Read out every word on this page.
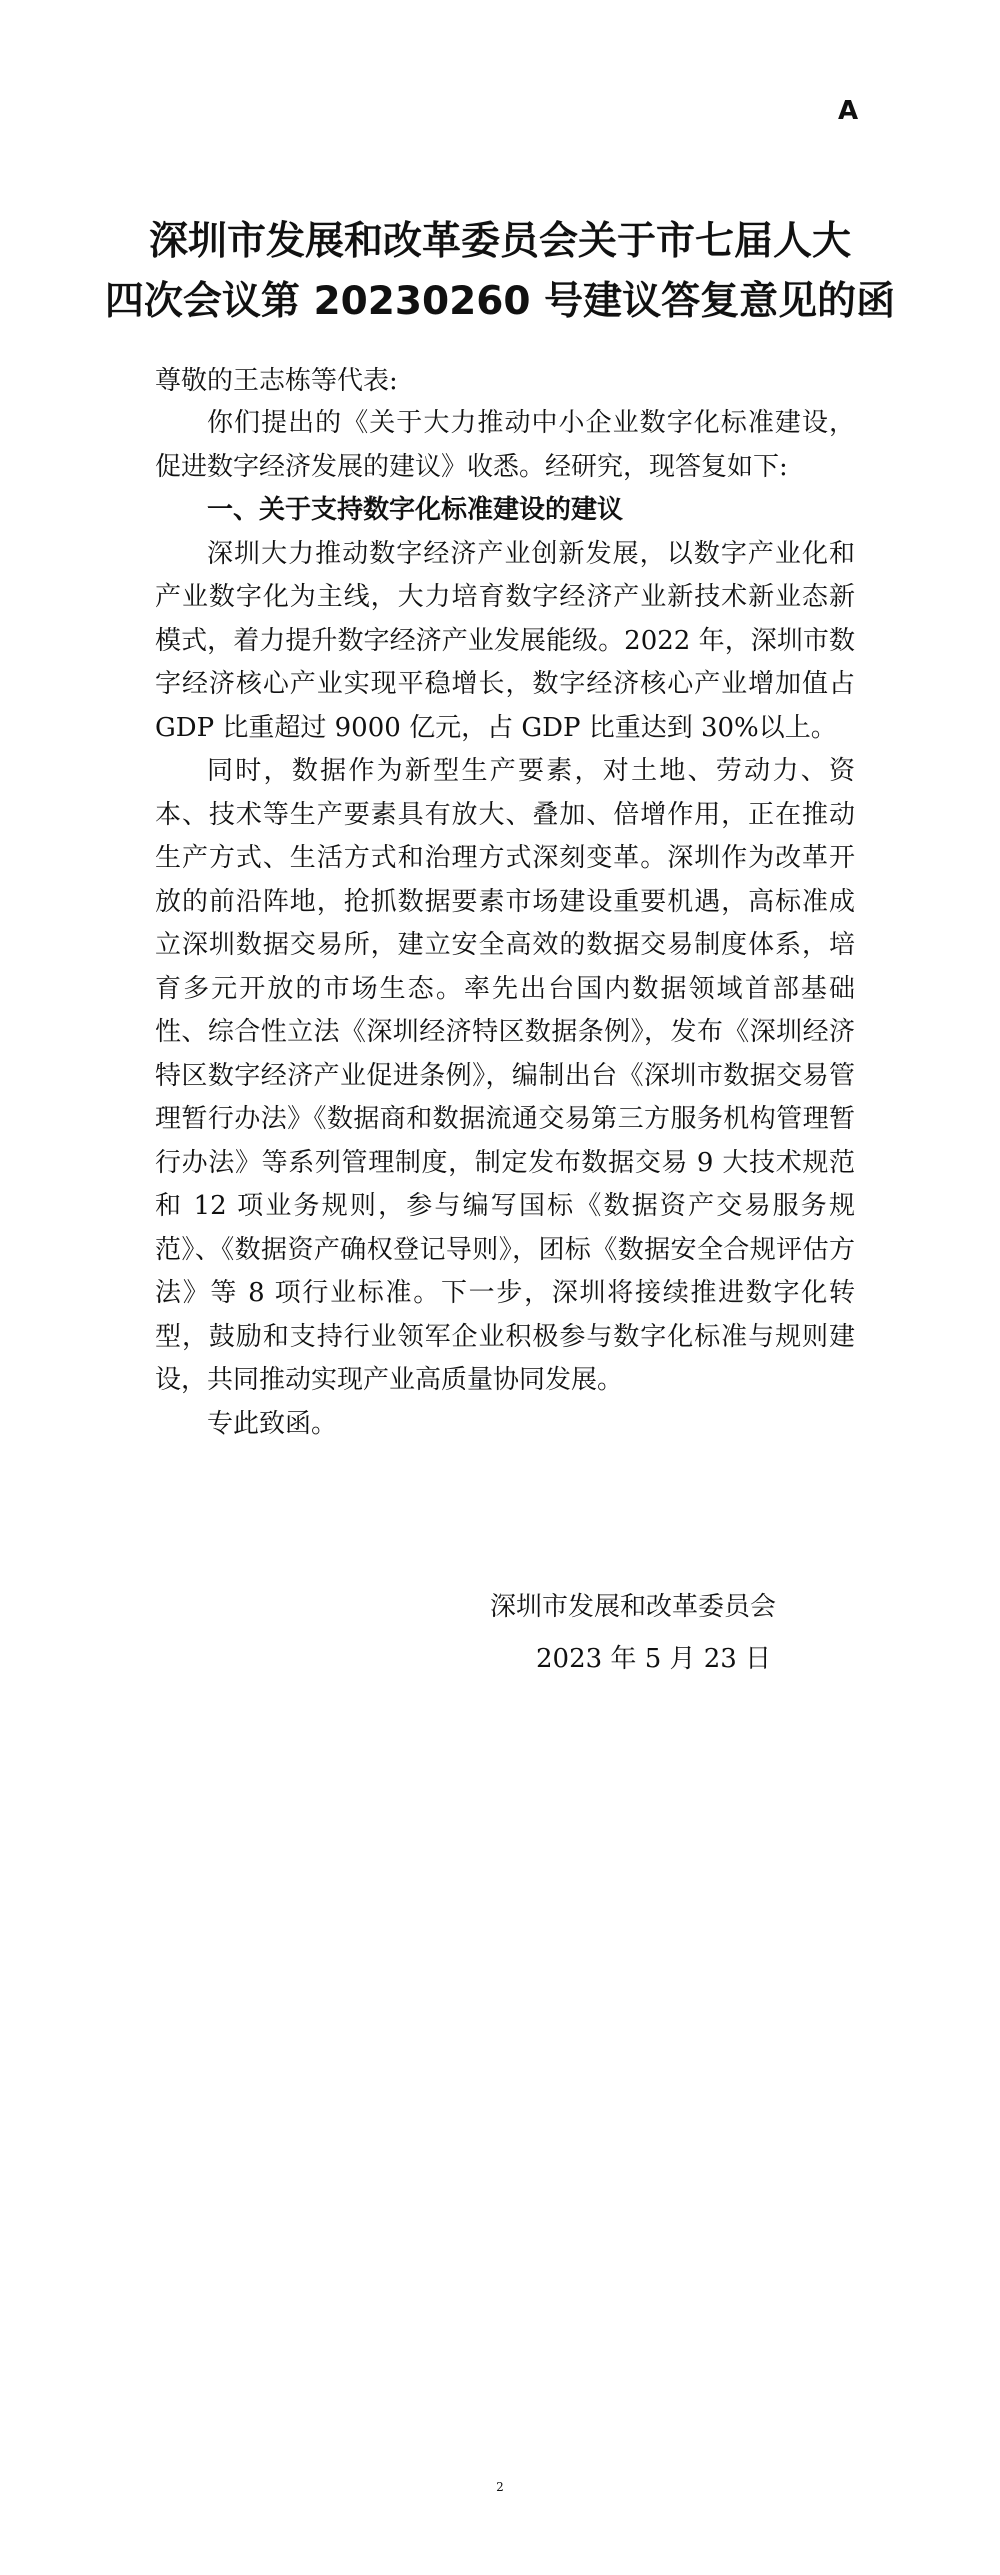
A
深圳市发展和改革委员会关于市七届人大
四次会议第 20230260 号建议答复意见的函
尊敬的王志栋等代表:

你们提出的《关于大力推动中小企业数字化标准建设，促进数字经济发展的建议》收悉。经研究，现答复如下:

一、关于支持数字化标准建设的建议

深圳大力推动数字经济产业创新发展，以数字产业化和产业数字化为主线，大力培育数字经济产业新技术新业态新模式，着力提升数字经济产业发展能级。2022 年，深圳市数字经济核心产业实现平稳增长，数字经济核心产业增加值占 GDP 比重超过 9000 亿元，占 GDP 比重达到 30%以上。

同时，数据作为新型生产要素，对土地、劳动力、资本、技术等生产要素具有放大、叠加、倍增作用，正在推动生产方式、生活方式和治理方式深刻变革。深圳作为改革开放的前沿阵地，抢抓数据要素市场建设重要机遇，高标准成立深圳数据交易所，建立安全高效的数据交易制度体系，培育多元开放的市场生态。率先出台国内数据领域首部基础性、综合性立法《深圳经济特区数据条例》，发布《深圳经济特区数字经济产业促进条例》，编制出台《深圳市数据交易管理暂行办法》《数据商和数据流通交易第三方服务机构管理暂行办法》等系列管理制度，制定发布数据交易 9 大技术规范和 12 项业务规则，参与编写国标《数据资产交易服务规范》、《数据资产确权登记导则》，团标《数据安全合规评估方法》等 8 项行业标准。下一步，深圳将接续推进数字化转型，鼓励和支持行业领军企业积极参与数字化标准与规则建设，共同推动实现产业高质量协同发展。

专此致函。

深圳市发展和改革委员会
2023 年 5 月 23 日
2
